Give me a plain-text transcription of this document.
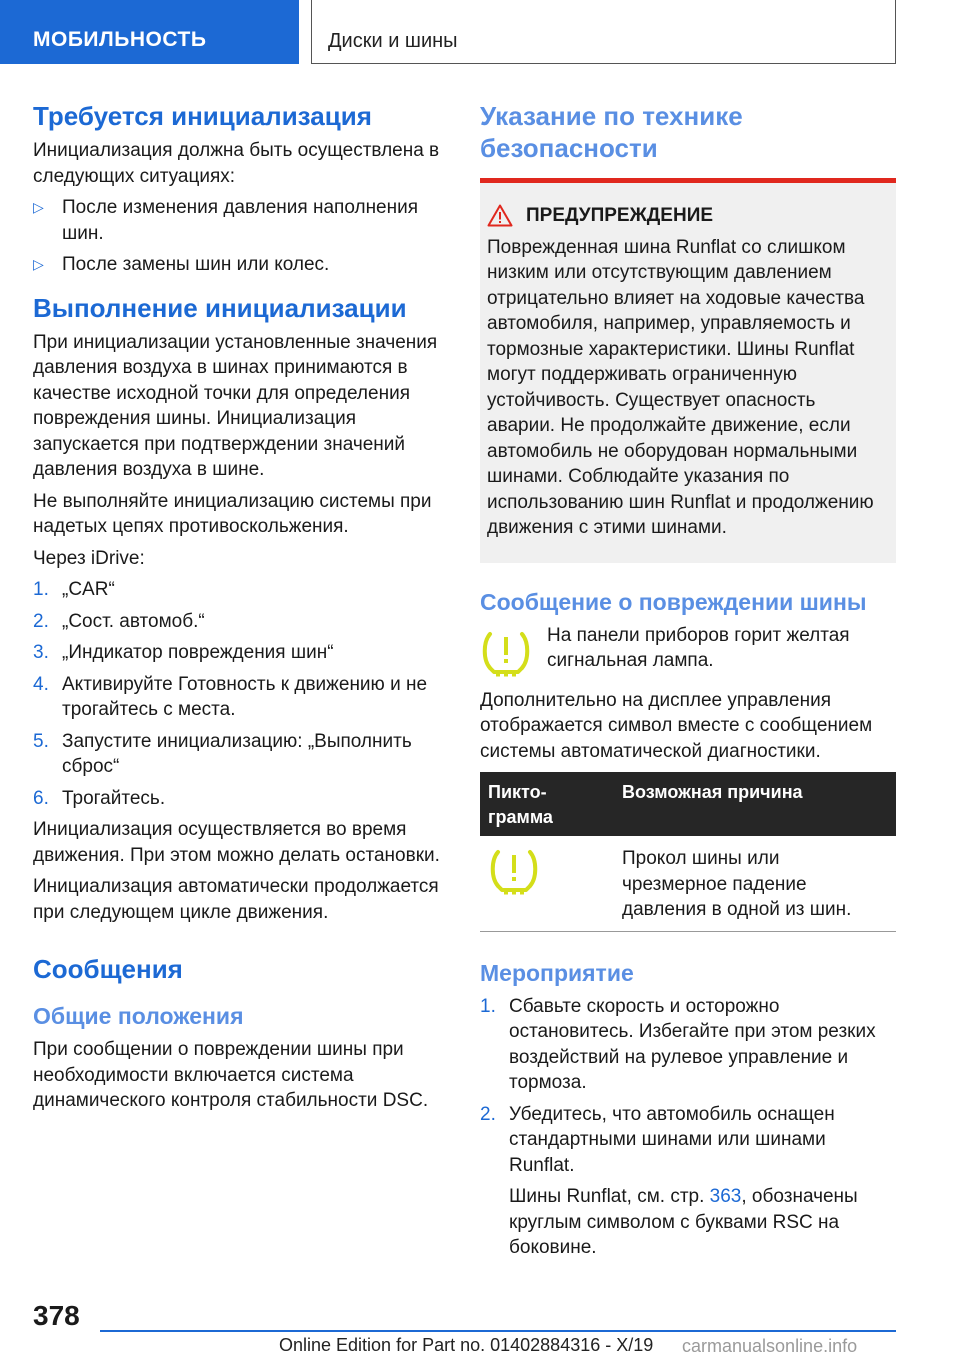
МОБИЛЬНОСТЬ	Диски и шины
Требуется инициализация

Инициализация должна быть осуществлена в следующих ситуациях:

▷ После изменения давления наполнения шин.
▷ После замены шин или колес.
Выполнение инициализации

При инициализации установленные значения давления воздуха в шинах принимаются в качестве исходной точки для определения повреждения шины. Инициализация запускается при подтверждении значений давления воздуха в шине.

Не выполняйте инициализацию системы при надетых цепях противоскольжения.

Через iDrive:

1. „CAR“
2. „Сост. автомоб.“
3. „Индикатор повреждения шин“
4. Активируйте Готовность к движению и не трогайтесь с места.
5. Запустите инициализацию: „Выполнить сброс“
6. Трогайтесь.

Инициализация осуществляется во время движения. При этом можно делать остановки.

Инициализация автоматически продолжается при следующем цикле движения.

Сообщения
Общие положения

При сообщении о повреждении шины при необходимости включается система динамического контроля стабильности DSC.

Указание по технике безопасности
ПРЕДУПРЕЖДЕНИЕ
Поврежденная шина Runflat со слишком низким или отсутствующим давлением отрицательно влияет на ходовые качества автомобиля, например, управляемость и тормозные характеристики. Шины Runflat могут поддерживать ограниченную устойчивость. Существует опасность аварии. Не продолжайте движение, если автомобиль не оборудован нормальными шинами. Соблюдайте указания по использованию шин Runflat и продолжению движения с этими шинами.
Сообщение о повреждении шины
На панели приборов горит желтая сигнальная лампа.

Дополнительно на дисплее управления отображается символ вместе с сообщением системы автоматической диагностики.

Пикто-
грамма	Возможная причина
	Прокол шины или чрезмерное падение давления в одной из шин.
Мероприятие
1. Сбавьте скорость и осторожно остановитесь. Избегайте при этом резких воздействий на рулевое управление и тормоза.
2. Убедитесь, что автомобиль оснащен стандартными шинами или шинами Runflat.

Шины Runflat, см. стр. 363, обозначены круглым символом с буквами RSC на боковине.

378
Online Edition for Part no. 01402884316 - X/19 carmanualsonline.info
